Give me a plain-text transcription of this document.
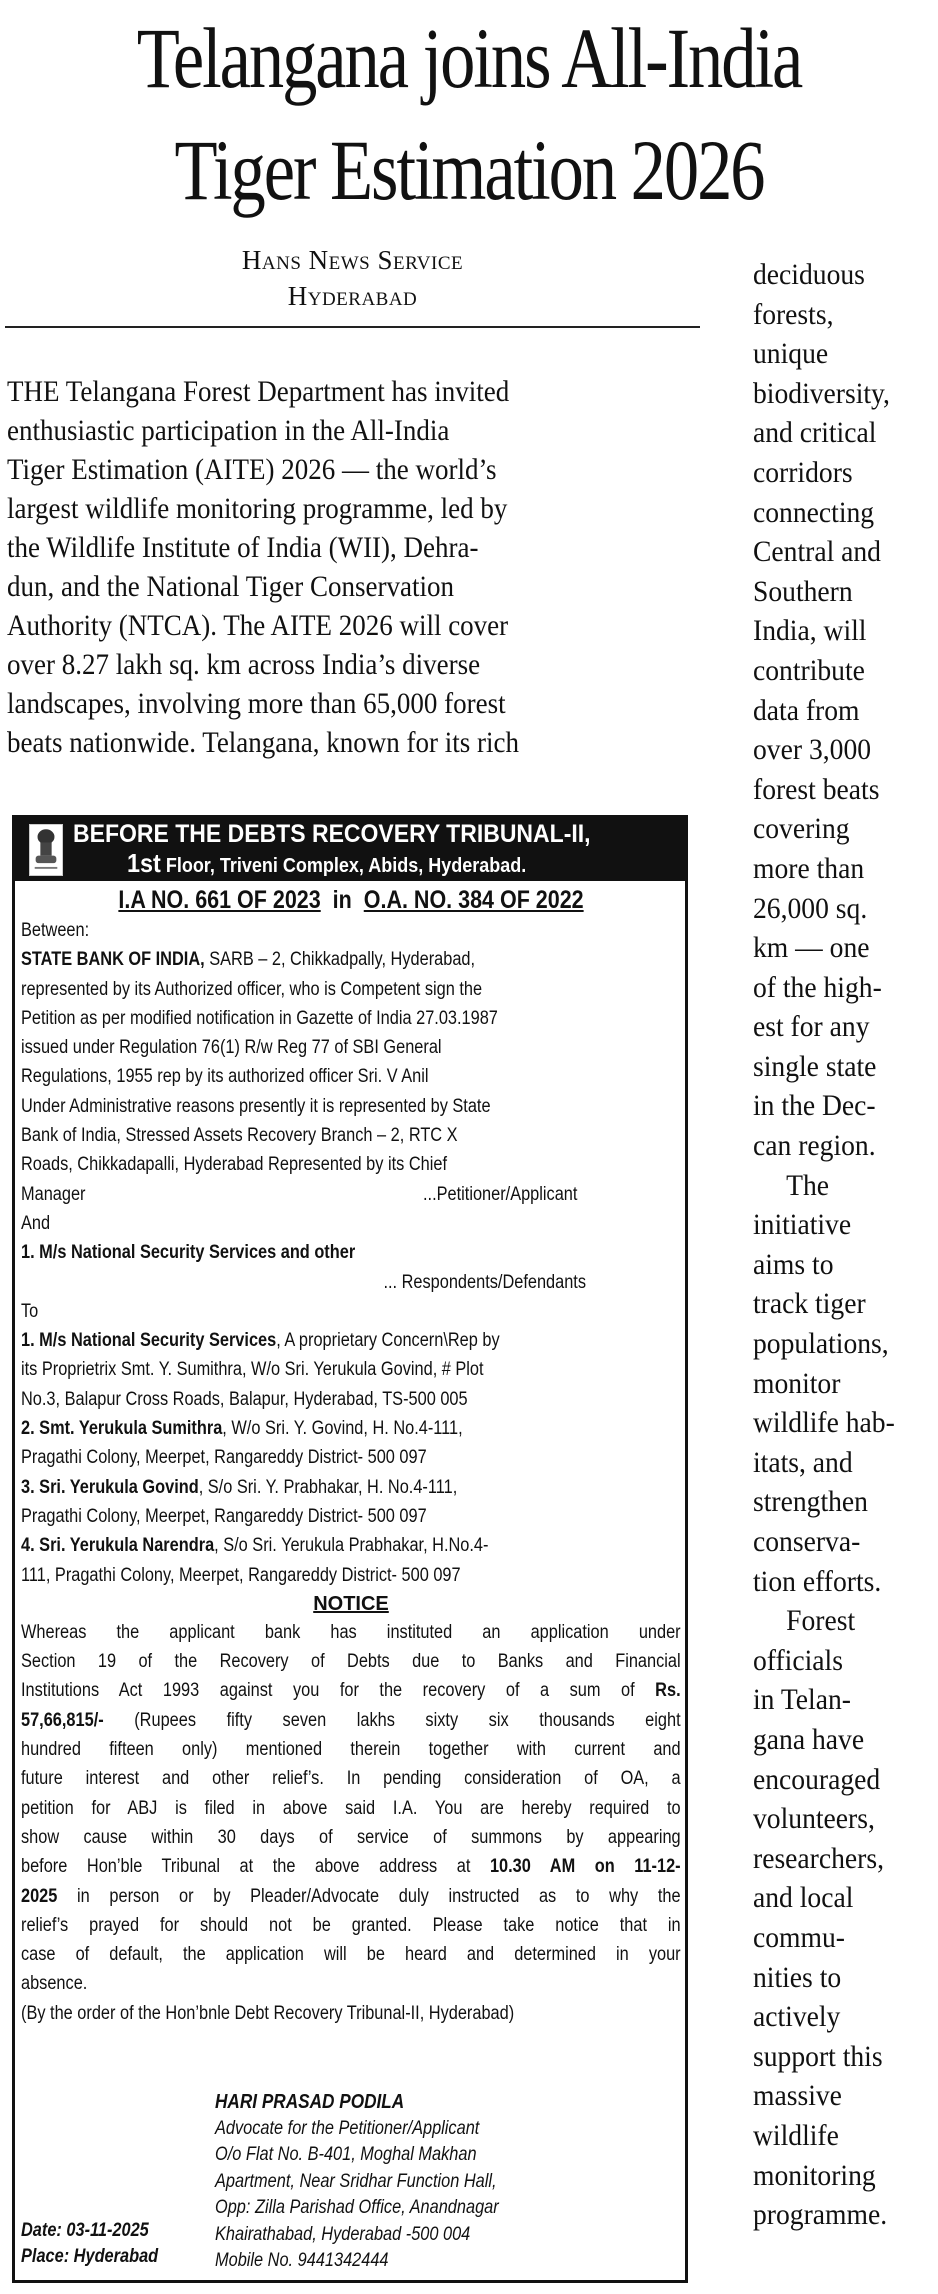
Telangana joins All-India
Tiger Estimation 2026
Hans News Service
Hyderabad
THE Telangana Forest Department has invited
enthusiastic participation in the All-India
Tiger Estimation (AITE) 2026 — the world’s
largest wildlife monitoring programme, led by
the Wildlife Institute of India (WII), Dehra-
dun, and the National Tiger Conservation
Authority (NTCA). The AITE 2026 will cover
over 8.27 lakh sq. km across India’s diverse
landscapes, involving more than 65,000 forest
beats nationwide. Telangana, known for its rich
deciduous
forests,
unique
biodiversity,
and critical
corridors
connecting
Central and
Southern
India, will
contribute
data from
over 3,000
forest beats
covering
more than
26,000 sq.
km — one
of the high-
est for any
single state
in the Dec-
can region.
The
initiative
aims to
track tiger
populations,
monitor
wildlife hab-
itats, and
strengthen
conserva-
tion efforts.
Forest
officials
in Telan-
gana have
encouraged
volunteers,
researchers,
and local
commu-
nities to
actively
support this
massive
wildlife
monitoring
programme.
BEFORE THE DEBTS RECOVERY TRIBUNAL-II,
1st Floor, Triveni Complex, Abids, Hyderabad.
I.A NO. 661 OF 2023 in O.A. NO. 384 OF 2022
Between:
STATE BANK OF INDIA, SARB – 2, Chikkadpally, Hyderabad,
represented by its Authorized officer, who is Competent sign the
Petition as per modified notification in Gazette of India 27.03.1987
issued under Regulation 76(1) R/w Reg 77 of SBI General
Regulations, 1955 rep by its authorized officer Sri. V Anil
Under Administrative reasons presently it is represented by State
Bank of India, Stressed Assets Recovery Branch – 2, RTC X
Roads, Chikkadapalli, Hyderabad Represented by its Chief
Manager	...Petitioner/Applicant
And
1. M/s National Security Services and other
... Respondents/Defendants
To
1. M/s National Security Services, A proprietary Concern\Rep by
its Proprietrix Smt. Y. Sumithra, W/o Sri. Yerukula Govind, # Plot
No.3, Balapur Cross Roads, Balapur, Hyderabad, TS-500 005
2. Smt. Yerukula Sumithra, W/o Sri. Y. Govind, H. No.4-111,
Pragathi Colony, Meerpet, Rangareddy District- 500 097
3. Sri. Yerukula Govind, S/o Sri. Y. Prabhakar, H. No.4-111,
Pragathi Colony, Meerpet, Rangareddy District- 500 097
4. Sri. Yerukula Narendra, S/o Sri. Yerukula Prabhakar, H.No.4-
111, Pragathi Colony, Meerpet, Rangareddy District- 500 097
NOTICE
Whereas the applicant bank has instituted an application under
Section 19 of the Recovery of Debts due to Banks and Financial
Institutions Act 1993 against you for the recovery of a sum of Rs.
57,66,815/- (Rupees fifty seven lakhs sixty six thousands eight
hundred fifteen only) mentioned therein together with current and
future interest and other relief’s. In pending consideration of OA, a
petition for ABJ is filed in above said I.A. You are hereby required to
show cause within 30 days of service of summons by appearing
before Hon’ble Tribunal at the above address at 10.30 AM on 11-12-
2025 in person or by Pleader/Advocate duly instructed as to why the
relief’s prayed for should not be granted. Please take notice that in
case of default, the application will be heard and determined in your
absence.
(By the order of the Hon’bnle Debt Recovery Tribunal-II, Hyderabad)
HARI PRASAD PODILA
Advocate for the Petitioner/Applicant
O/o Flat No. B-401, Moghal Makhan
Apartment, Near Sridhar Function Hall,
Opp: Zilla Parishad Office, Anandnagar
Khairathabad, Hyderabad -500 004
Mobile No. 9441342444
Date: 03-11-2025
Place: Hyderabad
